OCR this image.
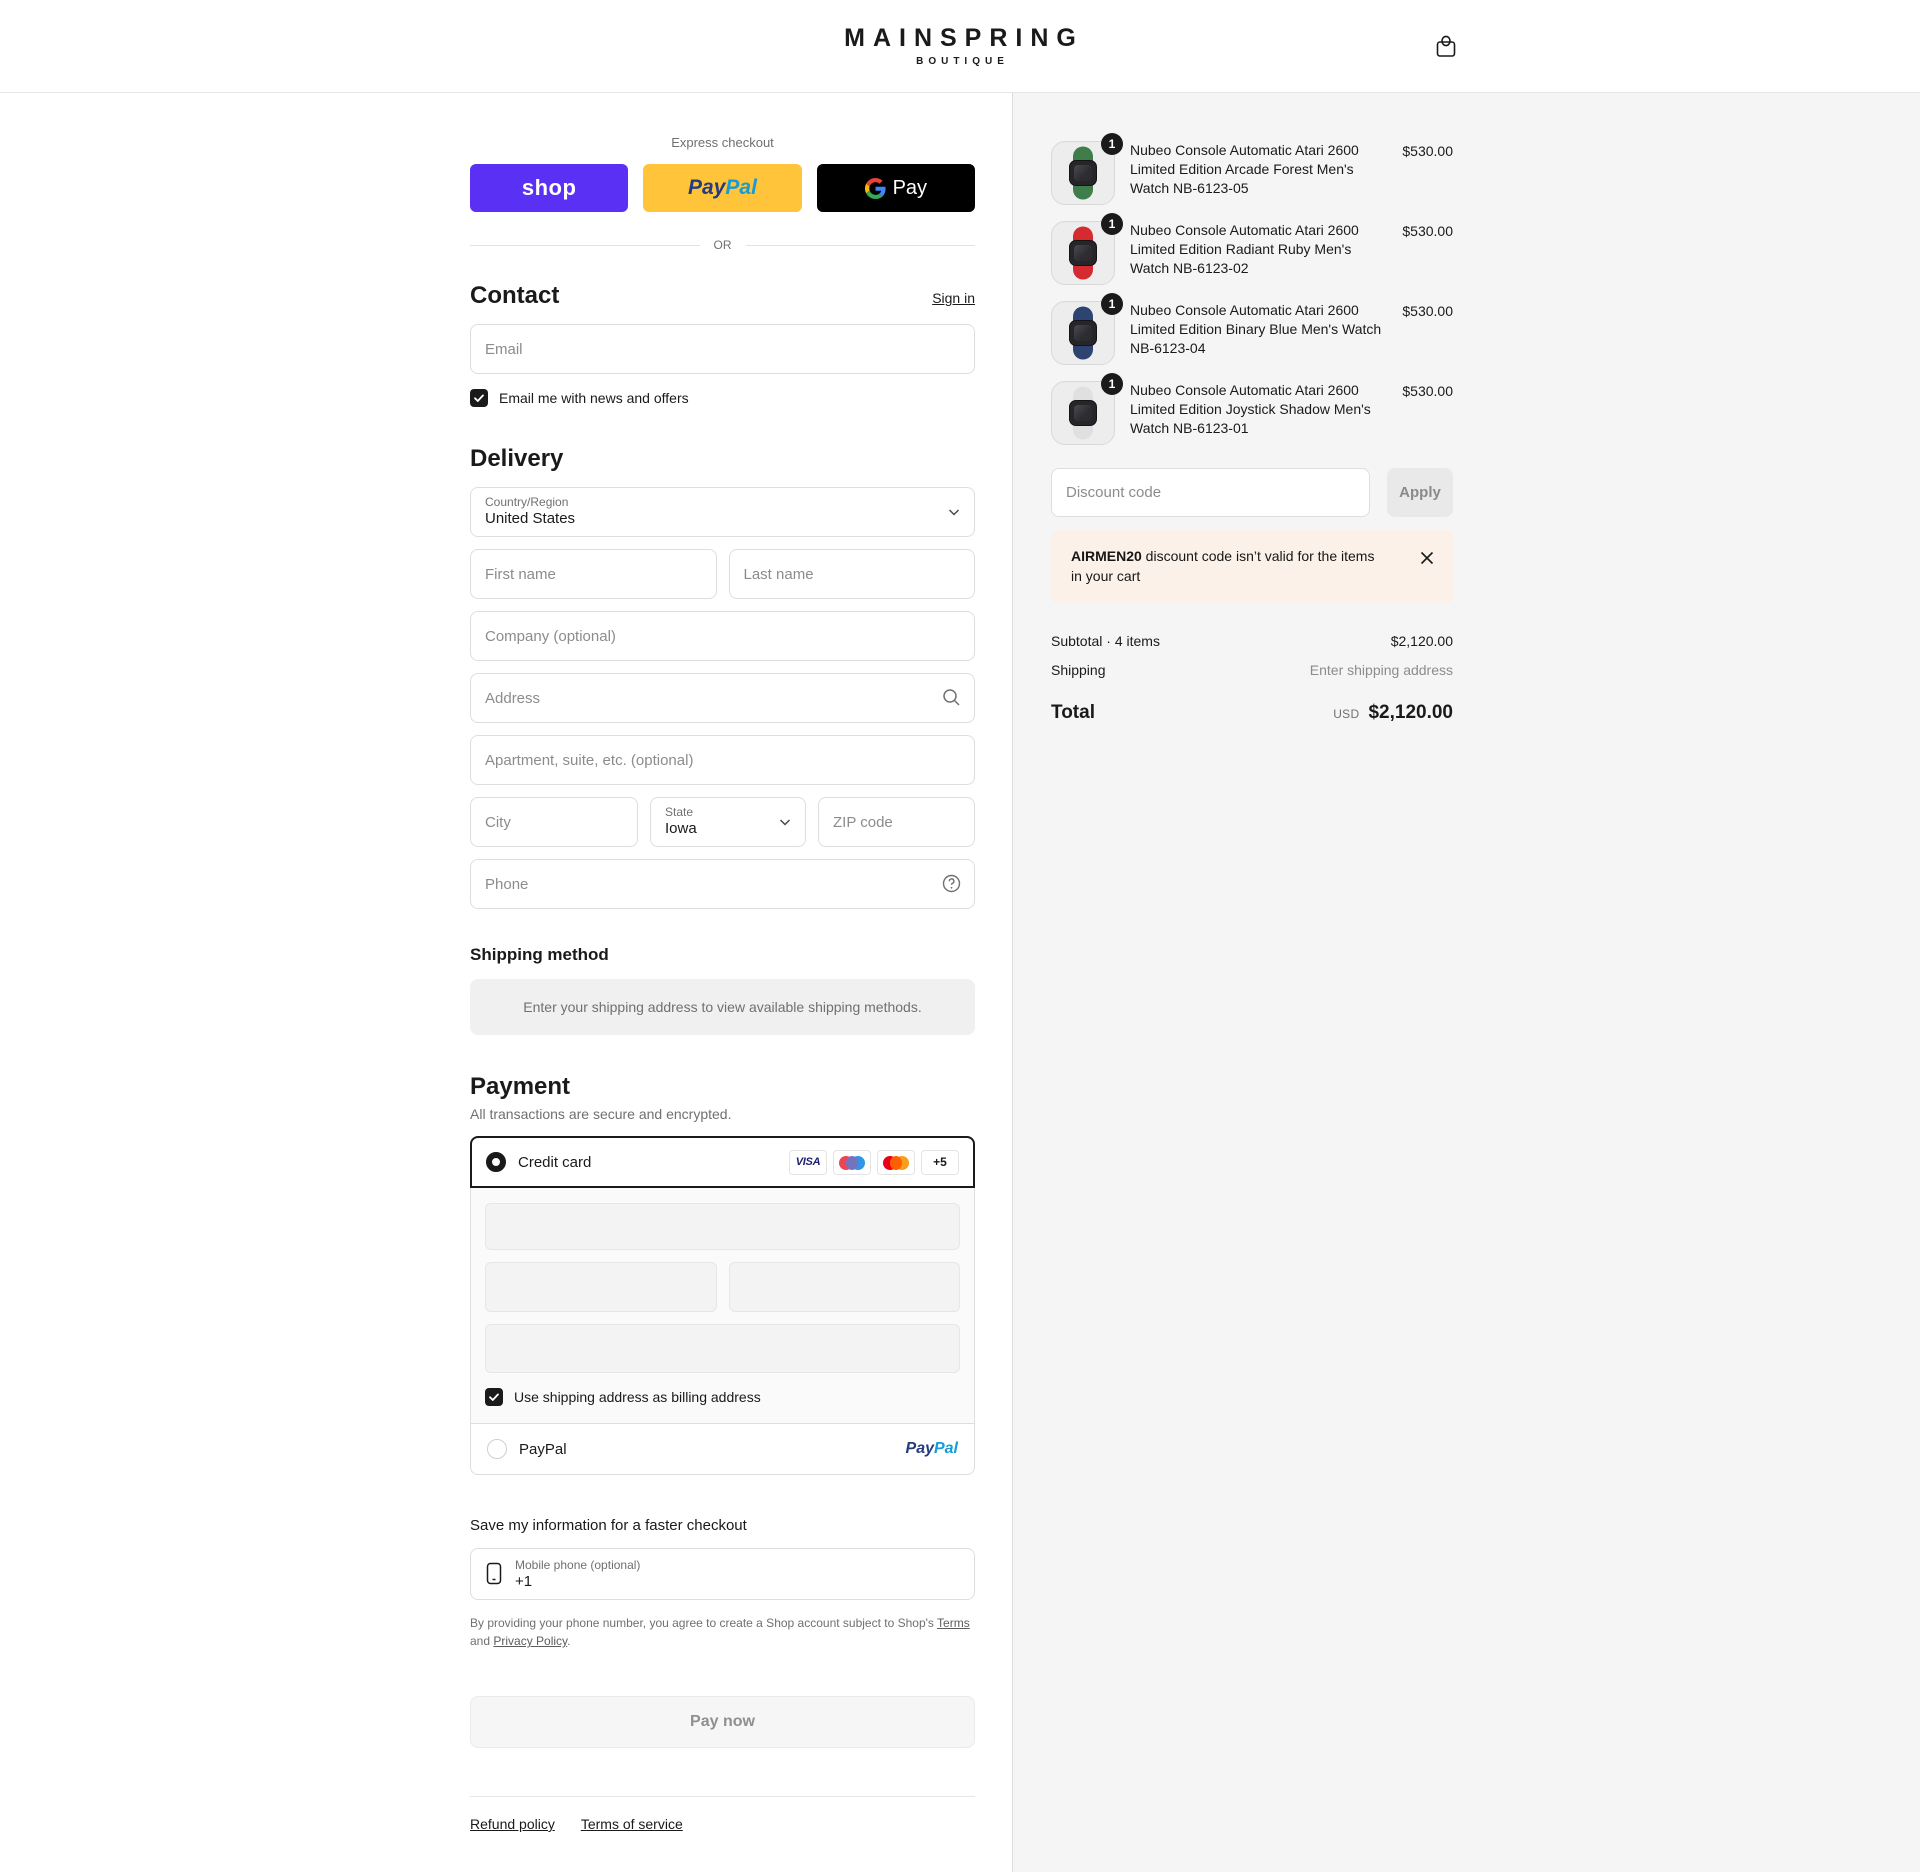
MAINSPRING
BOUTIQUE
Express checkout
shop	PayPal	Pay
OR
Contact	Sign in
Email
Email me with news and offers
Delivery
Country/Region
United States
First name
Last name
Company (optional)
Address
Apartment, suite, etc. (optional)
City
State
Iowa
ZIP code
Phone
Shipping method
Enter your shipping address to view available shipping methods.
Payment
All transactions are secure and encrypted.
Credit card	VISA	+5
Use shipping address as billing address
PayPal	PayPal
Save my information for a faster checkout
Mobile phone (optional)
+1

By providing your phone number, you agree to create a Shop account subject to Shop's Terms and Privacy Policy.

Pay now
Refund policy Terms of service
1	Nubeo Console Automatic Atari 2600 Limited Edition Arcade Forest Men's Watch NB-6123-05
$530.00
1	Nubeo Console Automatic Atari 2600 Limited Edition Radiant Ruby Men's Watch NB-6123-02
$530.00
1	Nubeo Console Automatic Atari 2600 Limited Edition Binary Blue Men's Watch NB-6123-04
$530.00
1	Nubeo Console Automatic Atari 2600 Limited Edition Joystick Shadow Men's Watch NB-6123-01
$530.00
Discount code
Apply
AIRMEN20 discount code isn’t valid for the items in your cart
Subtotal · 4 items	$2,120.00
Shipping	Enter shipping address
Total	USD $2,120.00
